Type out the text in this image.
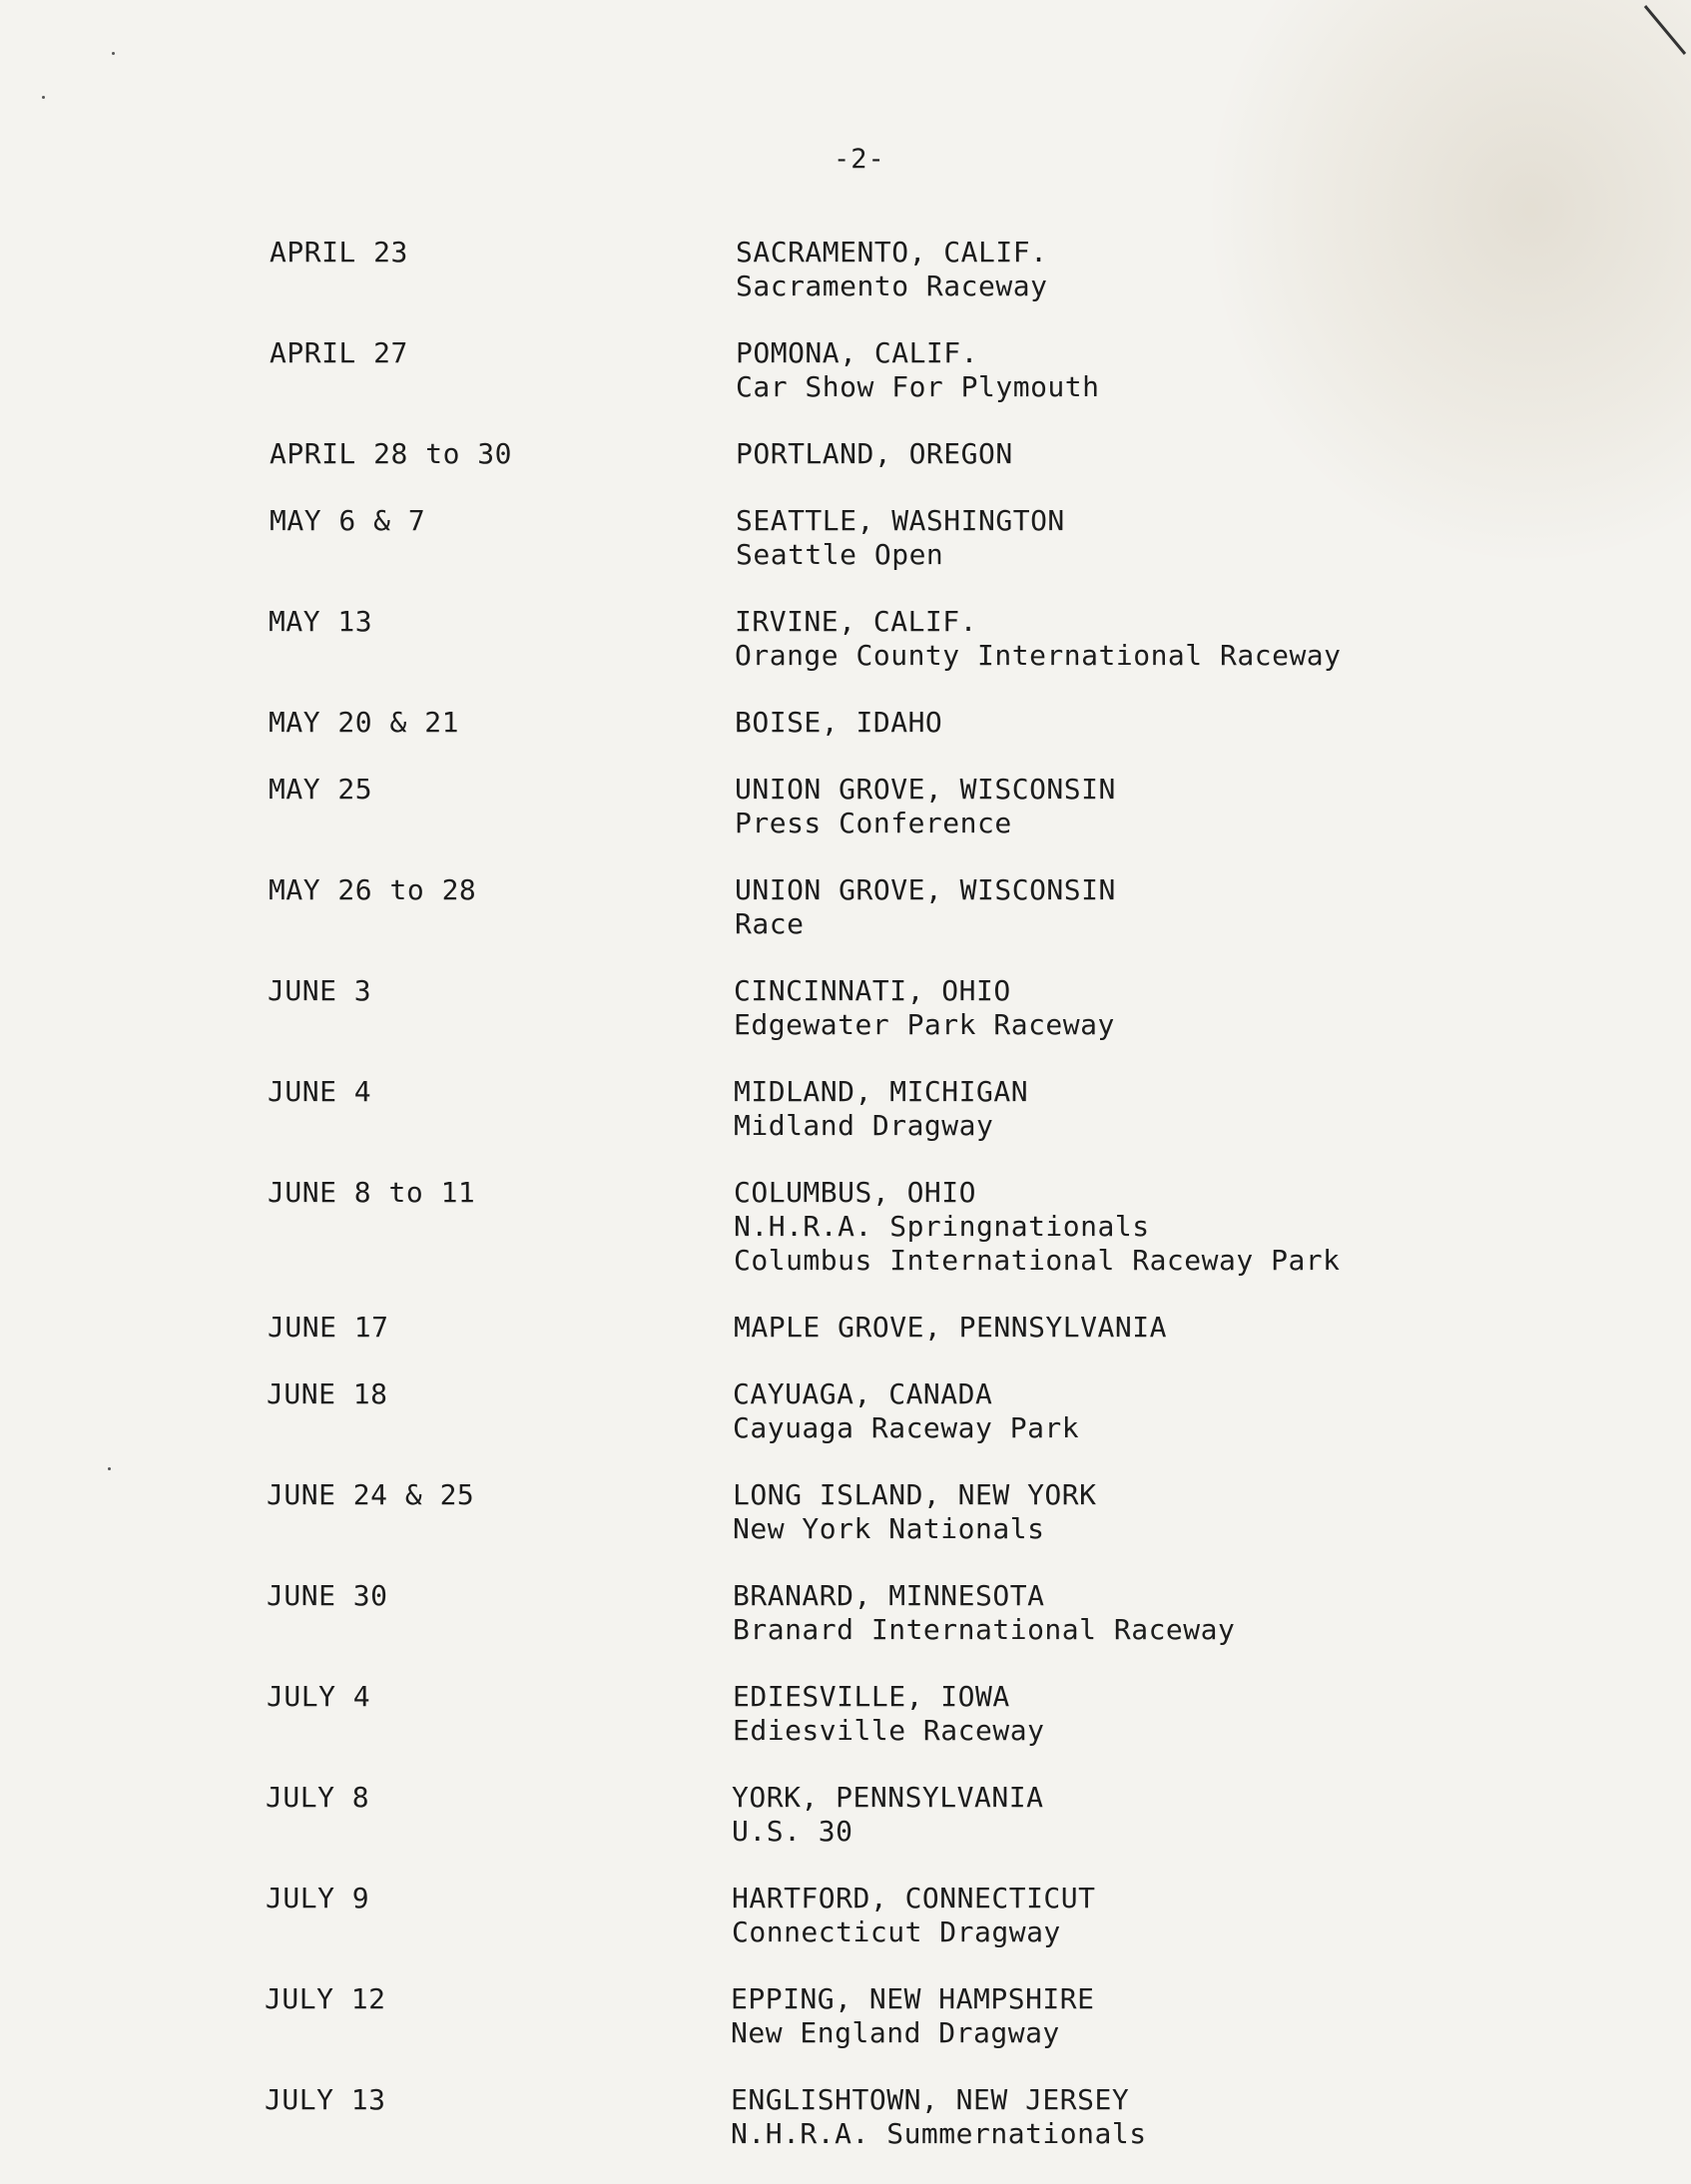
-2-
APRIL 23	SACRAMENTO, CALIF.
Sacramento Raceway
APRIL 27	POMONA, CALIF.
Car Show For Plymouth
APRIL 28 to 30	PORTLAND, OREGON
MAY 6 & 7	SEATTLE, WASHINGTON
Seattle Open
MAY 13	IRVINE, CALIF.
Orange County International Raceway
MAY 20 & 21	BOISE, IDAHO
MAY 25	UNION GROVE, WISCONSIN
Press Conference
MAY 26 to 28	UNION GROVE, WISCONSIN
Race
JUNE 3	CINCINNATI, OHIO
Edgewater Park Raceway
JUNE 4	MIDLAND, MICHIGAN
Midland Dragway
JUNE 8 to 11	COLUMBUS, OHIO
N.H.R.A. Springnationals
Columbus International Raceway Park
JUNE 17	MAPLE GROVE, PENNSYLVANIA
JUNE 18	CAYUAGA, CANADA
Cayuaga Raceway Park
JUNE 24 & 25	LONG ISLAND, NEW YORK
New York Nationals
JUNE 30	BRANARD, MINNESOTA
Branard International Raceway
JULY 4	EDIESVILLE, IOWA
Ediesville Raceway
JULY 8	YORK, PENNSYLVANIA
U.S. 30
JULY 9	HARTFORD, CONNECTICUT
Connecticut Dragway
JULY 12	EPPING, NEW HAMPSHIRE
New England Dragway
JULY 13	ENGLISHTOWN, NEW JERSEY
N.H.R.A. Summernationals
